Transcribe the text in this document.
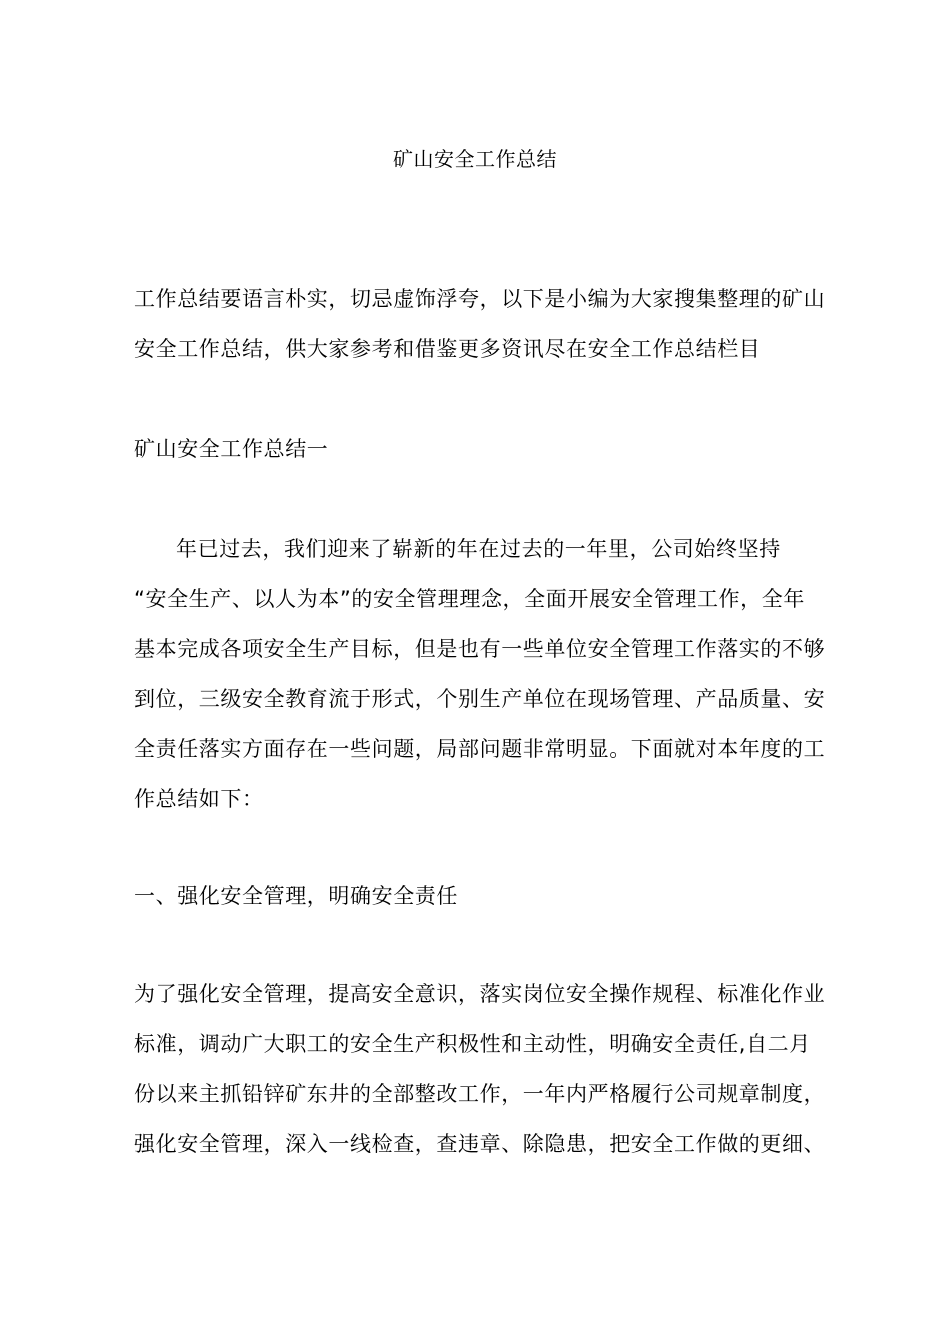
矿山安全工作总结
工作总结要语言朴实，切忌虚饰浮夸，以下是小编为大家搜集整理的矿山
安全工作总结，供大家参考和借鉴更多资讯尽在安全工作总结栏目
矿山安全工作总结一
年已过去，我们迎来了崭新的年在过去的一年里，公司始终坚持
“安全生产、以人为本”的安全管理理念，全面开展安全管理工作，全年
基本完成各项安全生产目标，但是也有一些单位安全管理工作落实的不够
到位，三级安全教育流于形式，个别生产单位在现场管理、产品质量、安
全责任落实方面存在一些问题，局部问题非常明显。下面就对本年度的工
作总结如下：
一、强化安全管理，明确安全责任
为了强化安全管理，提高安全意识，落实岗位安全操作规程、标准化作业
标准，调动广大职工的安全生产积极性和主动性，明确安全责任,自二月
份以来主抓铅锌矿东井的全部整改工作，一年内严格履行公司规章制度，
强化安全管理，深入一线检查，查违章、除隐患，把安全工作做的更细、
